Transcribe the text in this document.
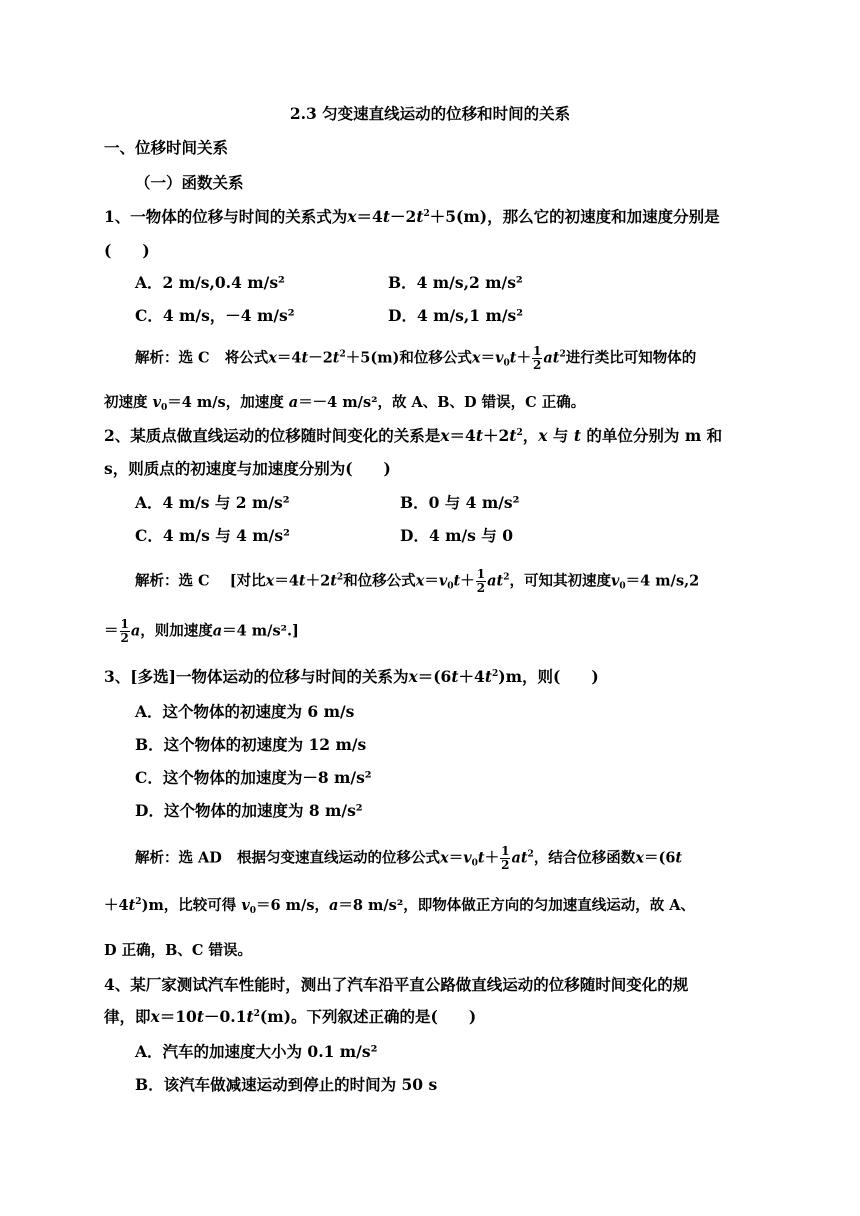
2.3 匀变速直线运动的位移和时间的关系
一、位移时间关系
（一）函数关系
1、一物体的位移与时间的关系式为$x=4t-2t^2+5(m)$，那么它的初速度和加速度分别是
(　　)
A．2 m/s,0.4 m/s²	B．4 m/s,2 m/s²
C．4 m/s，－4 m/s²	D．4 m/s,1 m/s²
解析：选 C 将公式$x=4t-2t^2+5(m)$和位移公式$x=v_0t+ \frac{1}{2} at^2$进行类比可知物体的
初速度 $v_0=4$ m/s，加速度 a＝－4 m/s²，故 A、B、D 错误，C 正确。
2、某质点做直线运动的位移随时间变化的关系是$x=4t+2t^2$，x 与 t 的单位分别为 m 和
s，则质点的初速度与加速度分别为(　　)
A．4 m/s 与 2 m/s²	B．0 与 4 m/s²
C．4 m/s 与 4 m/s²	D．4 m/s 与 0
解析：选 C [对比$x=4t+2t^2$和位移公式$x=v_0t+ \frac{1}{2} at^2$，可知其初速度$v_0=4$ m/s,2
＝ $\frac{1}{2}$ a，则加速度a＝4 m/s².]
3、[多选]一物体运动的位移与时间的关系为$x=(6t+4t^2)m$，则(　　)
A．这个物体的初速度为 6 m/s
B．这个物体的初速度为 12 m/s
C．这个物体的加速度为－8 m/s²
D．这个物体的加速度为 8 m/s²
解析：选 AD 根据匀变速直线运动的位移公式$x=v_0t+ \frac{1}{2} at^2$，结合位移函数x＝(6t
$+4t^2)m$，比较可得 $v_0=6$ m/s，a＝8 m/s²，即物体做正方向的匀加速直线运动，故 A、
D 正确，B、C 错误。
4、某厂家测试汽车性能时，测出了汽车沿平直公路做直线运动的位移随时间变化的规
律，即$x=10t-0.1t^2(m)$。下列叙述正确的是(　　)
A．汽车的加速度大小为 0.1 m/s²
B．该汽车做减速运动到停止的时间为 50 s
